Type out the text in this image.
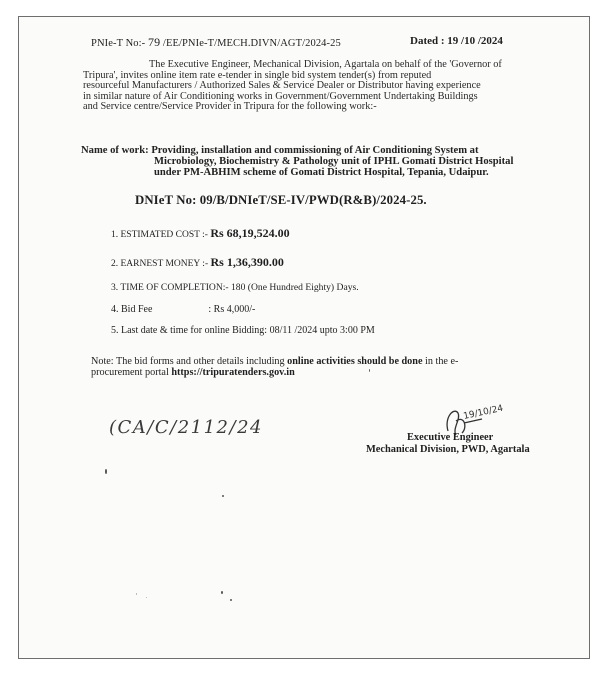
PNIe-T No:- 79 /EE/PNIe-T/MECH.DIVN/AGT/2024-25	Dated : 19 /10 /2024
The Executive Engineer, Mechanical Division, Agartala on behalf of the 'Governor of
Tripura', invites online item rate e-tender in single bid system tender(s) from reputed
resourceful Manufacturers / Authorized Sales & Service Dealer or Distributor having experience
in similar nature of Air Conditioning works in Government/Government Undertaking Buildings
and Service centre/Service Provider in Tripura for the following work:-
Name of work: Providing, installation and commissioning of Air Conditioning System at
Microbiology, Biochemistry & Pathology unit of IPHL Gomati District Hospital
under PM-ABHIM scheme of Gomati District Hospital, Tepania, Udaipur.
DNIeT No: 09/B/DNIeT/SE-IV/PWD(R&B)/2024-25.
1. ESTIMATED COST :- Rs 68,19,524.00
2. EARNEST MONEY :- Rs 1,36,390.00
3. TIME OF COMPLETION:- 180 (One Hundred Eighty) Days.
4. Bid Fee	: Rs 4,000/-
5. Last date & time for online Bidding: 08/11 /2024 upto 3:00 PM
Note: The bid forms and other details including online activities should be done in the e-
procurement portal https://tripuratenders.gov.in
(CA/C/2112/24
19/10/24
Executive Engineer
Mechanical Division, PWD, Agartala
